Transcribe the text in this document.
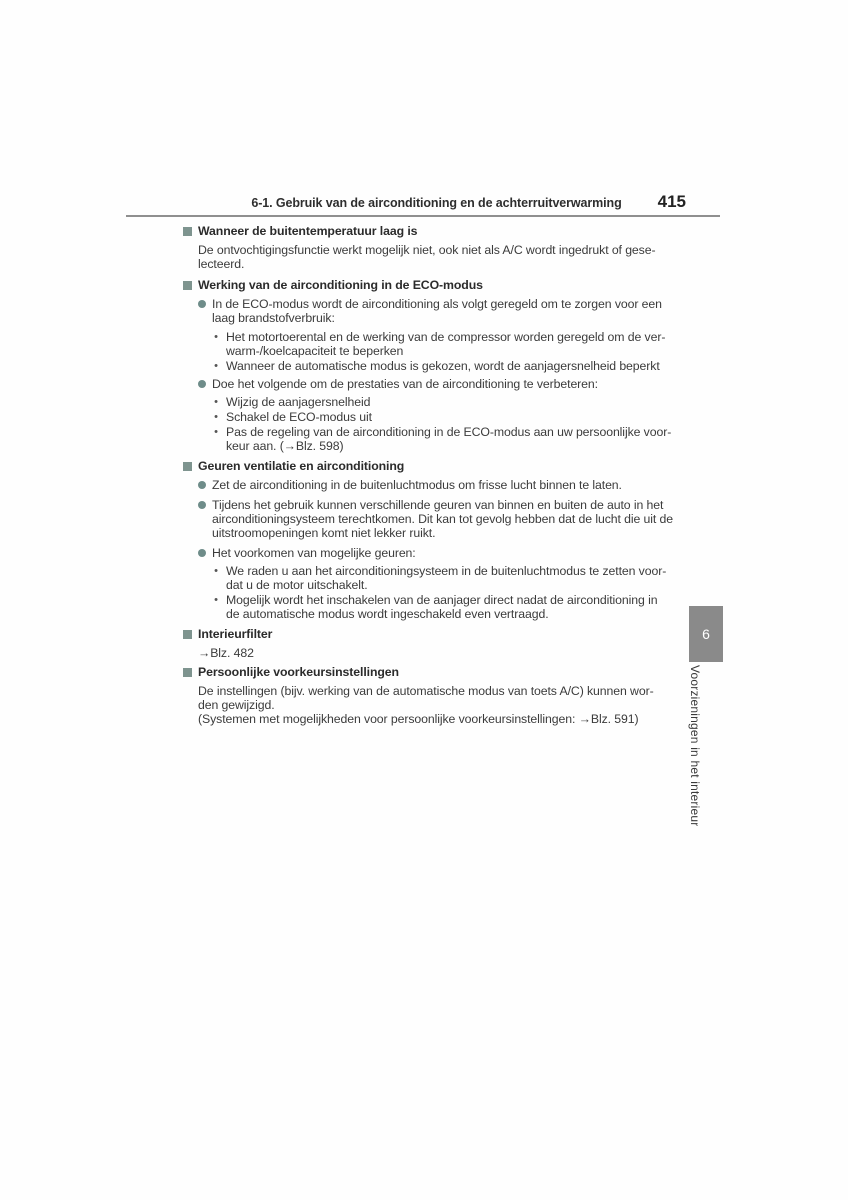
6-1. Gebruik van de airconditioning en de achterruitverwarming 415
Wanneer de buitentemperatuur laag is
De ontvochtigingsfunctie werkt mogelijk niet, ook niet als A/C wordt ingedrukt of gese-
lecteerd.
Werking van de airconditioning in de ECO-modus
In de ECO-modus wordt de airconditioning als volgt geregeld om te zorgen voor een
laag brandstofverbruik:
• Het motortoerental en de werking van de compressor worden geregeld om de ver-
warm-/koelcapaciteit te beperken
• Wanneer de automatische modus is gekozen, wordt de aanjagersnelheid beperkt
Doe het volgende om de prestaties van de airconditioning te verbeteren:
• Wijzig de aanjagersnelheid
• Schakel de ECO-modus uit
• Pas de regeling van de airconditioning in de ECO-modus aan uw persoonlijke voor-
keur aan. (→Blz. 598)
Geuren ventilatie en airconditioning
Zet de airconditioning in de buitenluchtmodus om frisse lucht binnen te laten.
Tijdens het gebruik kunnen verschillende geuren van binnen en buiten de auto in het
airconditioningsysteem terechtkomen. Dit kan tot gevolg hebben dat de lucht die uit de
uitstroomopeningen komt niet lekker ruikt.
Het voorkomen van mogelijke geuren:
• We raden u aan het airconditioningsysteem in de buitenluchtmodus te zetten voor-
dat u de motor uitschakelt.
• Mogelijk wordt het inschakelen van de aanjager direct nadat de airconditioning in
de automatische modus wordt ingeschakeld even vertraagd.
Interieurfilter
→Blz. 482
Persoonlijke voorkeursinstellingen
De instellingen (bijv. werking van de automatische modus van toets A/C) kunnen wor-
den gewijzigd.
(Systemen met mogelijkheden voor persoonlijke voorkeursinstellingen: →Blz. 591)
6
Voorzieningen in het interieur
